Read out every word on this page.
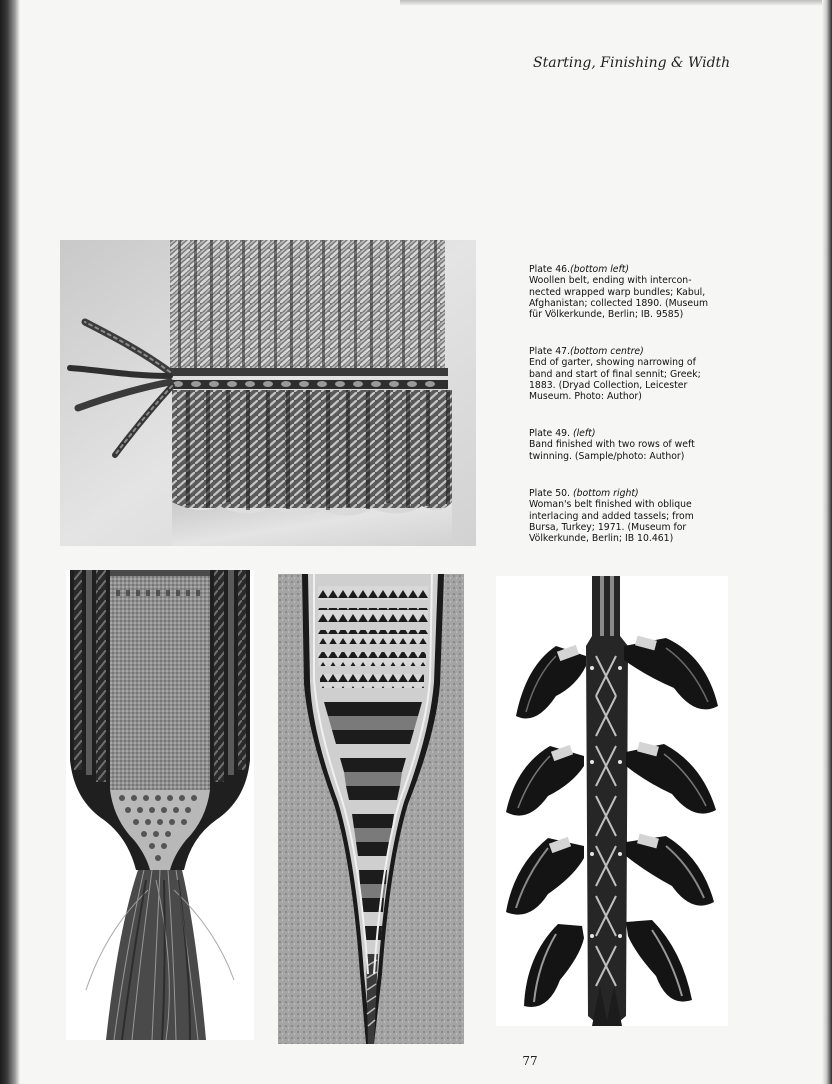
Starting, Finishing & Width
Plate 46.(bottom left)
Woollen belt, ending with intercon-
nected wrapped warp bundles; Kabul,
Afghanistan; collected 1890. (Museum
für Völkerkunde, Berlin; IB. 9585)
Plate 47.(bottom centre)
End of garter, showing narrowing of
band and start of final sennit; Greek;
1883. (Dryad Collection, Leicester
Museum. Photo: Author)
Plate 49. (left)
Band finished with two rows of weft
twinning. (Sample/photo: Author)
Plate 50. (bottom right)
Woman's belt finished with oblique
interlacing and added tassels; from
Bursa, Turkey; 1971. (Museum for
Völkerkunde, Berlin; IB 10.461)
77
